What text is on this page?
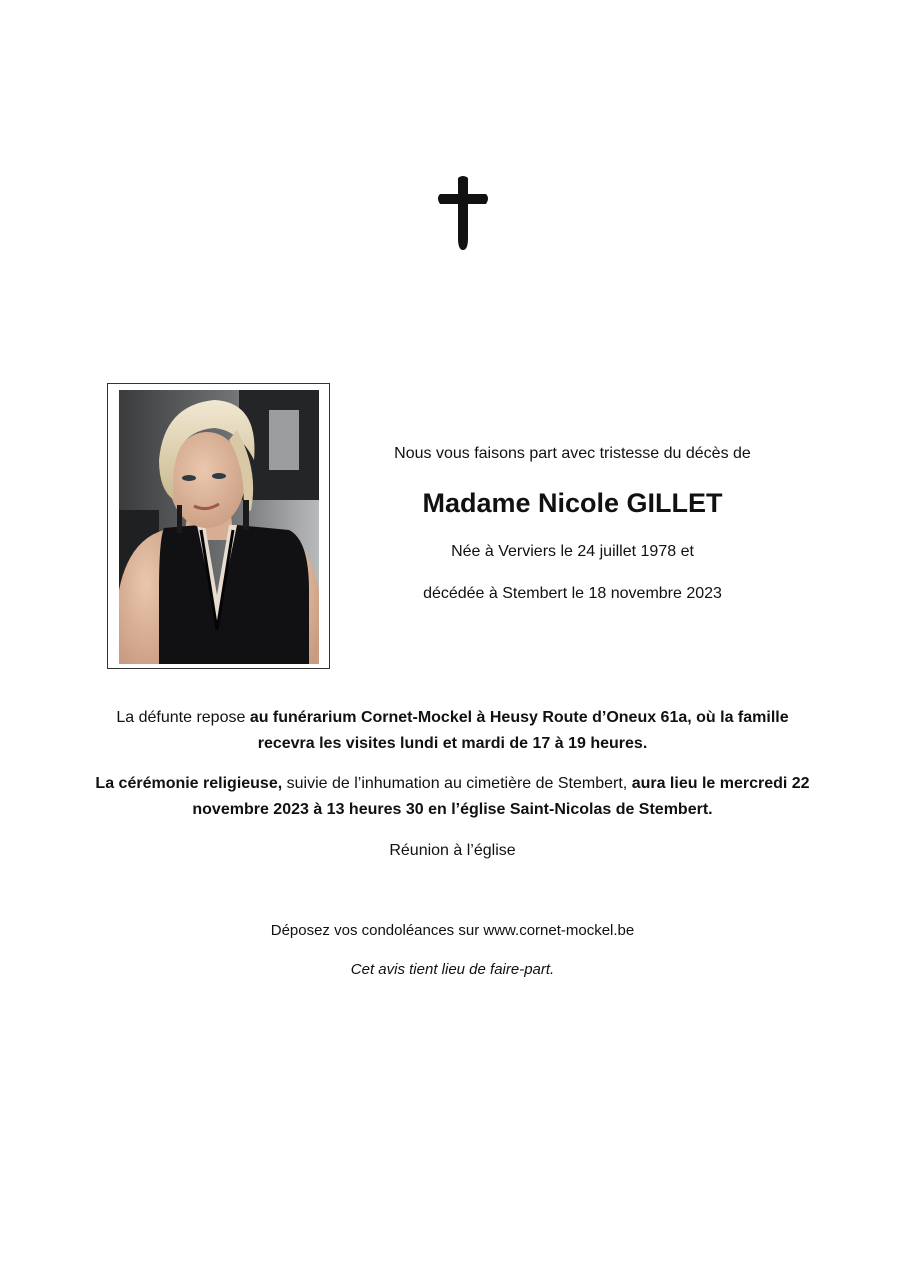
Nous vous faisons part avec tristesse du décès de
Madame Nicole GILLET
Née à Verviers le 24 juillet 1978 et
décédée à Stembert le 18 novembre 2023
La défunte repose au funérarium Cornet-Mockel à Heusy Route d’Oneux 61a, où la famille recevra les visites lundi et mardi de 17 à 19 heures.
La cérémonie religieuse, suivie de l’inhumation au cimetière de Stembert, aura lieu le mercredi 22 novembre 2023 à 13 heures 30 en l’église Saint-Nicolas de Stembert.
Réunion à l’église
Déposez vos condoléances sur www.cornet-mockel.be
Cet avis tient lieu de faire-part.
